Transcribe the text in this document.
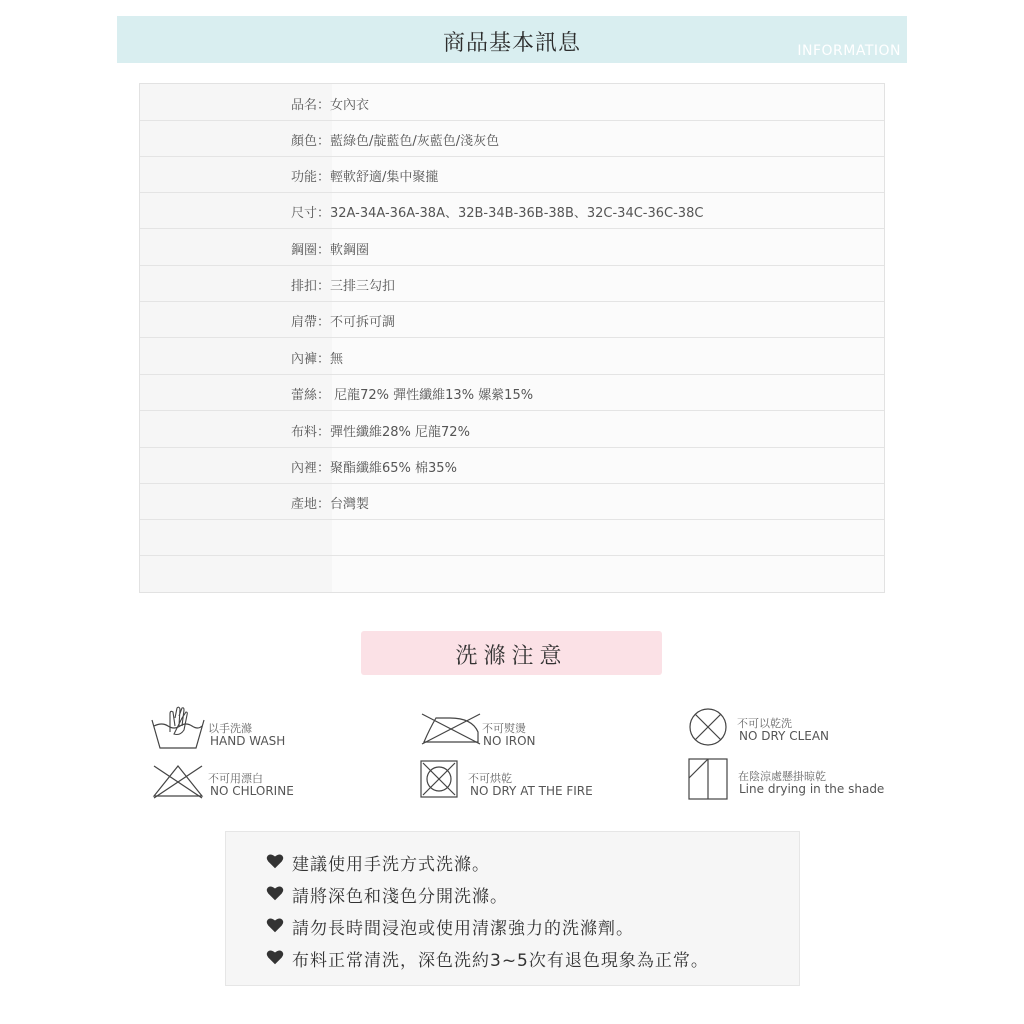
商品基本訊息	INFORMATION
品名：女內衣
顏色：藍綠色/靛藍色/灰藍色/淺灰色
功能：輕軟舒適/集中聚攏
尺寸：32A-34A-36A-38A、32B-34B-36B-38B、32C-34C-36C-38C
鋼圈：軟鋼圈
排扣：三排三勾扣
肩帶：不可拆可調
內褲：無
蕾絲： 尼龍72% 彈性纖維13% 嫘縈15%
布料：彈性纖維28% 尼龍72%
內裡：聚酯纖維65% 棉35%
產地：台灣製
洗滌注意
以手洗滌
HAND WASH
不可熨燙
NO IRON
不可以乾洗
NO DRY CLEAN
不可用漂白
NO CHLORINE
不可烘乾
NO DRY AT THE FIRE
在陰涼處懸掛晾乾
Line drying in the shade
建議使用手洗方式洗滌。
請將深色和淺色分開洗滌。
請勿長時間浸泡或使用清潔強力的洗滌劑。
布料正常清洗，深色洗約3~5次有退色現象為正常。
